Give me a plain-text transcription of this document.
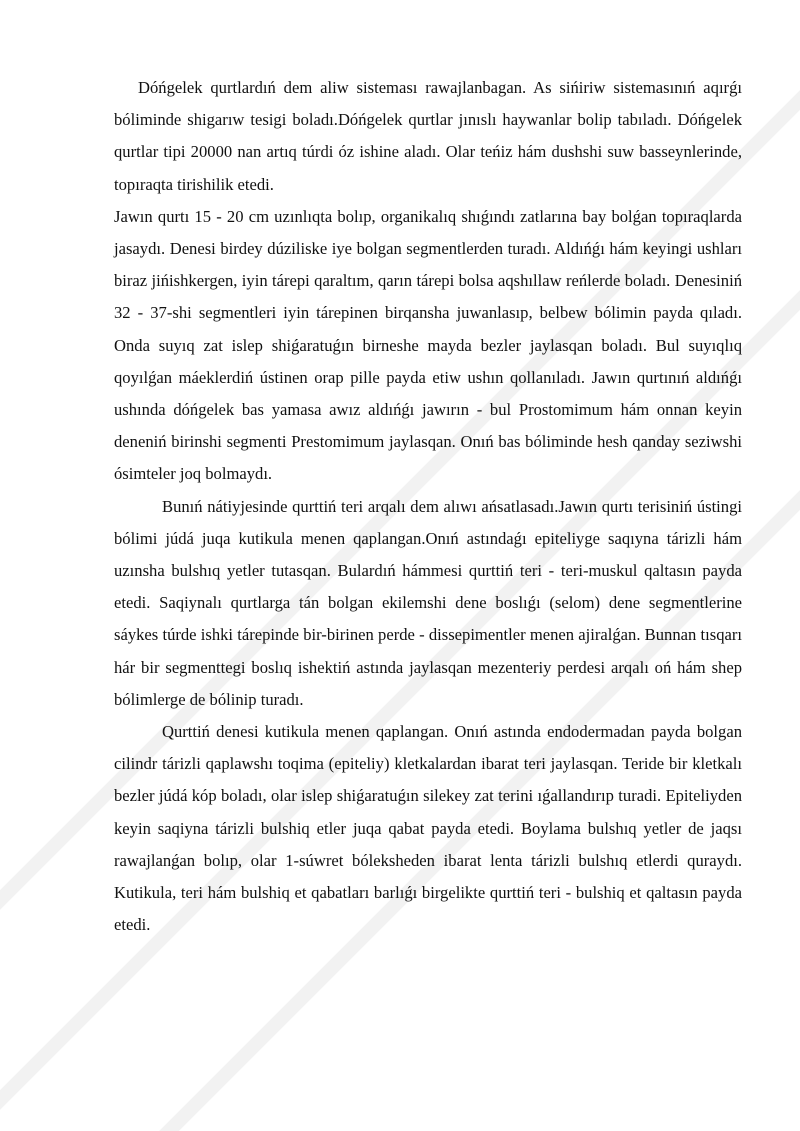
Dóńgelek qurtlardıń dem aliw sisteması rawajlanbagan. As sińiriw sistemasınıń aqırǵı bóliminde shigarıw tesigi boladı.Dóńgelek qurtlar jınıslı haywanlar bolip tabıladı. Dóńgelek qurtlar tipi 20000 nan artıq túrdi óz ishine aladı. Olar teńiz hám dushshi suw basseynlerinde, topıraqta tirishilik etedi.

Jawın qurtı 15 - 20 cm uzınlıqta bolıp, organikalıq shıǵındı zatlarına bay bolǵan topıraqlarda jasaydı. Denesi birdey dúziliske iye bolgan segmentlerden turadı. Aldıńǵı hám keyingi ushları biraz jińishkergen, iyin tárepi qaraltım, qarın tárepi bolsa aqshıllaw reńlerde boladı. Denesiniń 32 - 37-shi segmentleri iyin tárepinen birqansha juwanlasıp, belbew bólimin payda qıladı. Onda suyıq zat islep shiǵaratuǵın birneshe mayda bezler jaylasqan boladı. Bul suyıqlıq qoyılǵan máeklerdiń ústinen orap pille payda etiw ushın qollanıladı. Jawın qurtınıń aldıńǵı ushında dóńgelek bas yamasa awız aldıńǵı jawırın - bul Prostomimum hám onnan keyin deneniń birinshi segmenti Prestomimum jaylasqan. Onıń bas bóliminde hesh qanday seziwshi ósimteler joq bolmaydı.

Bunıń nátiyjesinde qurttiń teri arqalı dem alıwı ańsatlasadı.Jawın qurtı terisiniń ústingi bólimi júdá juqa kutikula menen qaplangan.Onıń astındaǵı epiteliyge saqıyna tárizli hám uzınsha bulshıq yetler tutasqan. Bulardıń hámmesi qurttiń teri - teri-muskul qaltasın payda etedi. Saqiynalı qurtlarga tán bolgan ekilemshi dene boslıǵı (selom) dene segmentlerine sáykes túrde ishki tárepinde bir-birinen perde - dissepimentler menen ajiralǵan. Bunnan tısqarı hár bir segmenttegi boslıq ishektiń astında jaylasqan mezenteriy perdesi arqalı oń hám shep bólimlerge de bólinip turadı.

Qurttiń denesi kutikula menen qaplangan. Onıń astında endodermadan payda bolgan cilindr tárizli qaplawshı toqima (epiteliy) kletkalardan ibarat teri jaylasqan. Teride bir kletkalı bezler júdá kóp boladı, olar islep shiǵaratuǵın silekey zat terini ıǵallandırıp turadi. Epiteliyden keyin saqiyna tárizli bulshiq etler juqa qabat payda etedi. Boylama bulshıq yetler de jaqsı rawajlanǵan bolıp, olar 1-súwret bóleksheden ibarat lenta tárizli bulshıq etlerdi quraydı. Kutikula, teri hám bulshiq et qabatları barlıǵı birgelikte qurttiń teri - bulshiq et qaltasın payda etedi.
